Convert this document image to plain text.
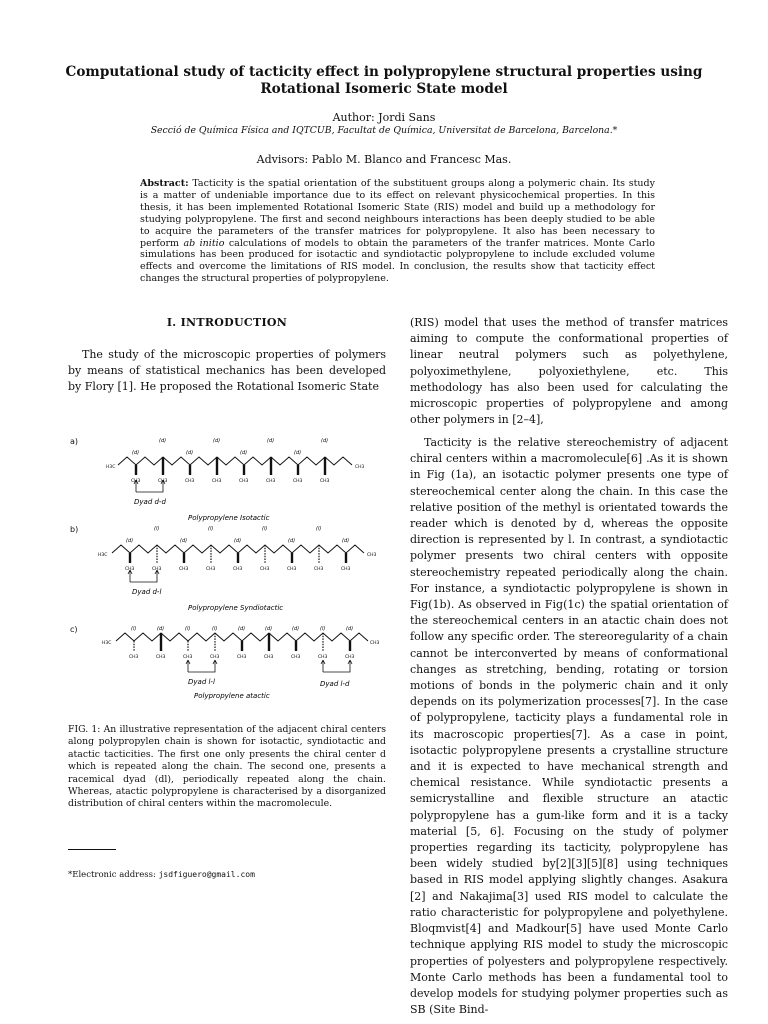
Computational study of tacticity effect in polypropylene structural properties using Rotational Isomeric State model
Author: Jordi Sans
Secció de Química Física and IQTCUB, Facultat de Química, Universitat de Barcelona, Barcelona.*
Advisors: Pablo M. Blanco and Francesc Mas.
Abstract: Tacticity is the spatial orientation of the substituent groups along a polymeric chain. Its study is a matter of undeniable importance due to its effect on relevant physicochemical properties. In this thesis, it has been implemented Rotational Isomeric State (RIS) model and build up a methodology for studying polypropylene. The first and second neighbours interactions has been deeply studied to be able to acquire the parameters of the transfer matrices for polypropylene. It also has been necessary to perform ab initio calculations of models to obtain the parameters of the tranfer matrices. Monte Carlo simulations has been produced for isotactic and syndiotactic polypropylene to include excluded volume effects and overcome the limitations of RIS model. In conclusion, the results show that tacticity effect changes the structural properties of polypropylene.
I. INTRODUCTION
The study of the microscopic properties of polymers by means of statistical mechanics has been developed by Flory [1]. He proposed the Rotational Isomeric State
a)
H3C	CH3
CH3	CH3	CH3	CH3	CH3	CH3	CH3	CH3
(d)
(d)
(d)
(d)
(d)
(d)
(d)
(d)
Dyad d-d
Polypropylene Isotactic
b)
H3C	CH3
CH3	CH3	CH3	CH3	CH3	CH3	CH3	CH3	CH3
(d)
(l)
(d)
(l)
(d)
(l)
(d)
(l)
(d)
Dyad d-l
Polypropylene Syndiotactic
c)
H3C	CH3
CH3	CH3	CH3	CH3	CH3	CH3	CH3	CH3	CH3
(l)	(d)	(l)	(l)	(d)	(d)	(d)	(l)	(d)
Dyad l-l	Dyad l-d
Polypropylene atactic
FIG. 1: An illustrative representation of the adjacent chiral centers along polypropylen chain is shown for isotactic, syndiotactic and atactic tacticities. The first one only presents the chiral center d which is repeated along the chain. The second one, presents a racemical dyad (dl), periodically repeated along the chain. Whereas, atactic polypropylene is characterised by a disorganized distribution of chiral centers within the macromolecule.
*Electronic address: jsdfiguero@gmail.com
(RIS) model that uses the method of transfer matrices aiming to compute the conformational properties of linear neutral polymers such as polyethylene, polyoximethylene, polyoxiethylene, etc. This methodology has also been used for calculating the microscopic properties of polypropylene and among other polymers in [2–4],
Tacticity is the relative stereochemistry of adjacent chiral centers within a macromolecule[6] .As it is shown in Fig (1a), an isotactic polymer presents one type of stereochemical center along the chain. In this case the relative position of the methyl is orientated towards the reader which is denoted by d, whereas the opposite direction is represented by l. In contrast, a syndiotactic polymer presents two chiral centers with opposite stereochemistry repeated periodically along the chain. For instance, a syndiotactic polypropylene is shown in Fig(1b). As observed in Fig(1c) the spatial orientation of the stereochemical centers in an atactic chain does not follow any specific order. The stereoregularity of a chain cannot be interconverted by means of conformational changes as stretching, bending, rotating or torsion motions of bonds in the polymeric chain and it only depends on its polymerization processes[7]. In the case of polypropylene, tacticity plays a fundamental role in its macroscopic properties[7]. As a case in point, isotactic polypropylene presents a crystalline structure and it is expected to have mechanical strength and chemical resistance. While syndiotactic presents a semicrystalline and flexible structure an atactic polypropylene has a gum-like form and it is a tacky material [5, 6]. Focusing on the study of polymer properties regarding its tacticity, polypropylene has been widely studied by[2][3][5][8] using techniques based in RIS model applying slightly changes. Asakura [2] and Nakajima[3] used RIS model to calculate the ratio characteristic for polypropylene and polyethylene. Bloqmvist[4] and Madkour[5] have used Monte Carlo technique applying RIS model to study the microscopic properties of polyesters and polypropylene respectively. Monte Carlo methods has been a fundamental tool to develop models for studying polymer properties such as SB (Site Bind-
